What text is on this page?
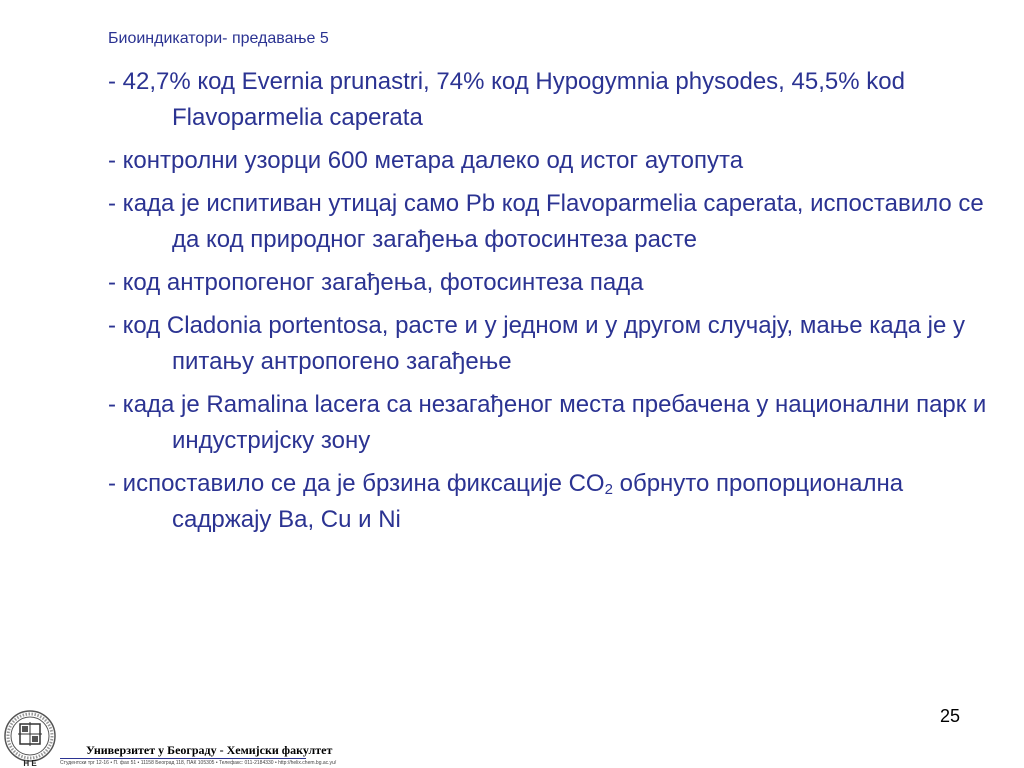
Биоиндикатори- предавање 5
- 42,7% код Evernia prunastri, 74% код Hypogymnia physodes, 45,5% kod Flavoparmelia caperata
- контролни узорци 600 метара далеко од истог аутопута
- када је испитиван утицај само Pb код Flavoparmelia caperata, испоставило се да код природног загађења фотосинтеза расте
- код антропогеног загађења, фотосинтеза пада
- код Cladonia portentosa, расте и у једном и у другом случају, мање када је у питању антропогено загађење
- када је Ramalina lacera са незагађеног места пребачена у национални парк и индустријску зону
- испоставило се да је брзина фиксације $CO_2$ обрнуто пропорционална садржају Ba, Cu и Ni
25
Н Е
Универзитет у Београду - Хемијски факултет
Студентски трг 12-16 • П. фах 51 • 11158 Београд 118, ПАК 105305 • Телефакс: 011-2184330 • http://helix.chem.bg.ac.yu/
